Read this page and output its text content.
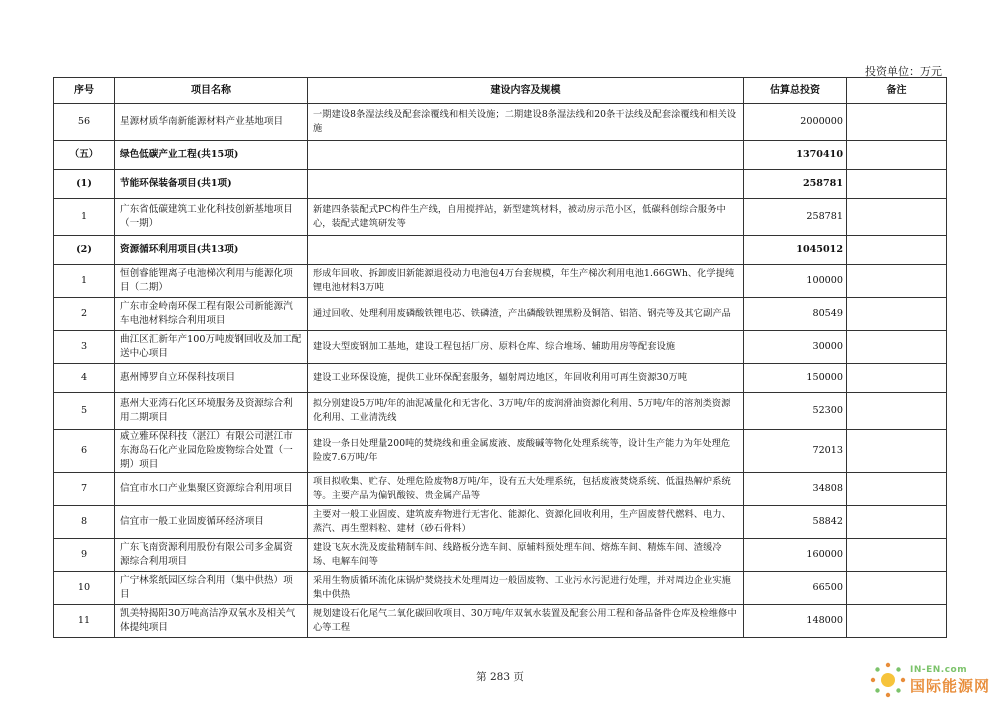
投资单位：万元
序号	项目名称	建设内容及规模	估算总投资	备注
56	星源材质华南新能源材料产业基地项目	一期建设8条湿法线及配套涂覆线和相关设施；二期建设8条湿法线和20条干法线及配套涂覆线和相关设施	2000000	
（五）	绿色低碳产业工程(共15项)		1370410	
(1)	节能环保装备项目(共1项)		258781	
1	广东省低碳建筑工业化科技创新基地项目（一期）	新建四条装配式PC构件生产线，自用搅拌站，新型建筑材料，被动房示范小区，低碳科创综合服务中心，装配式建筑研发等	258781	
(2)	资源循环利用项目(共13项)		1045012	
1	恒创睿能锂离子电池梯次利用与能源化项目（二期）	形成年回收、拆卸废旧新能源退役动力电池包4万台套规模，年生产梯次利用电池1.66GWh、化学提纯锂电池材料3万吨	100000	
2	广东市金岭南环保工程有限公司新能源汽车电池材料综合利用项目	通过回收、处理利用废磷酸铁锂电芯、铁磷渣，产出磷酸铁锂黑粉及铜箔、铝箔、钢壳等及其它副产品	80549	
3	曲江区汇新年产100万吨废钢回收及加工配送中心项目	建设大型废钢加工基地，建设工程包括厂房、原料仓库、综合堆场、辅助用房等配套设施	30000	
4	惠州博罗自立环保科技项目	建设工业环保设施，提供工业环保配套服务，辐射周边地区，年回收利用可再生资源30万吨	150000	
5	惠州大亚湾石化区环境服务及资源综合利用二期项目	拟分别建设5万吨/年的油泥减量化和无害化、3万吨/年的废润滑油资源化利用、5万吨/年的溶剂类资源化利用、工业清洗线	52300	
6	威立雅环保科技（湛江）有限公司湛江市东海岛石化产业园危险废物综合处置（一期）项目	建设一条日处理量200吨的焚烧线和重金属废液、废酸碱等物化处理系统等，设计生产能力为年处理危险废7.6万吨/年	72013	
7	信宜市水口产业集聚区资源综合利用项目	项目拟收集、贮存、处理危险废物8万吨/年，设有五大处理系统，包括废液焚烧系统、低温热解炉系统等。主要产品为偏钒酸铵、贵金属产品等	34808	
8	信宜市一般工业固废循环经济项目	主要对一般工业固废、建筑废弃物进行无害化、能源化、资源化回收利用，生产固废替代燃料、电力、蒸汽、再生塑料粒、建材（砂石骨料）	58842	
9	广东飞南资源利用股份有限公司多金属资源综合利用项目	建设飞灰水洗及废盐精制车间、线路板分选车间、原辅料预处理车间、熔炼车间、精炼车间、渣缓冷场、电解车间等	160000	
10	广宁林浆纸园区综合利用（集中供热）项目	采用生物质循环流化床锅炉焚烧技术处理周边一般固废物、工业污水污泥进行处理，并对周边企业实施集中供热	66500	
11	凯美特揭阳30万吨高洁净双氧水及相关气体提纯项目	规划建设石化尾气二氧化碳回收项目、30万吨/年双氧水装置及配套公用工程和备品备件仓库及检维修中心等工程	148000	
第 283 页
IN-EN.com
国际能源网
